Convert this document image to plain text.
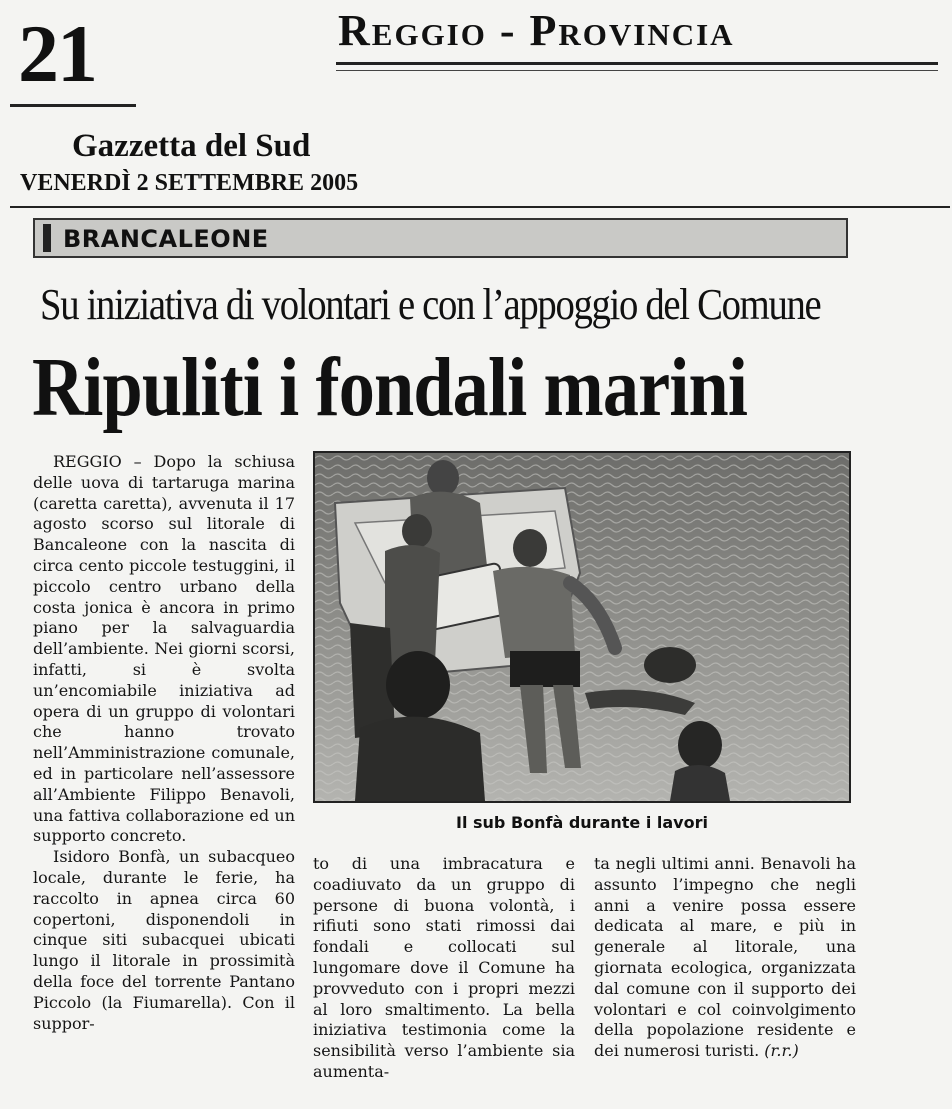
21	Reggio - Provincia
Gazzetta del Sud
VENERDÌ 2 SETTEMBRE 2005
BRANCALEONE
Su iniziativa di volontari e con l’appoggio del Comune
Ripuliti i fondali marini

REGGIO – Dopo la schiusa delle uova di tartaruga marina (caretta caretta), avvenuta il 17 agosto scorso sul litorale di Bancaleone con la nascita di circa cento piccole testuggini, il piccolo centro urbano della costa jonica è ancora in primo piano per la salvaguardia dell’ambiente. Nei giorni scorsi, infatti, si è svolta un’encomiabile iniziativa ad opera di un gruppo di volontari che hanno trovato nell’Amministrazione comunale, ed in particolare nell’assessore all’Ambiente Filippo Benavoli, una fattiva collaborazione ed un supporto concreto.

Isidoro Bonfà, un subacqueo locale, durante le ferie, ha raccolto in apnea circa 60 copertoni, disponendoli in cinque siti subacquei ubicati lungo il litorale in prossimità della foce del torrente Pantano Piccolo (la Fiumarella). Con il suppor-

Il sub Bonfà durante i lavori

to di una imbracatura e coadiuvato da un gruppo di persone di buona volontà, i rifiuti sono stati rimossi dai fondali e collocati sul lungomare dove il Comune ha provveduto con i propri mezzi al loro smaltimento. La bella iniziativa testimonia come la sensibilità verso l’ambiente sia aumenta-

ta negli ultimi anni. Benavoli ha assunto l’impegno che negli anni a venire possa essere dedicata al mare, e più in generale al litorale, una giornata ecologica, organizzata dal comune con il supporto dei volontari e col coinvolgimento della popolazione residente e dei numerosi turisti. (r.r.)
